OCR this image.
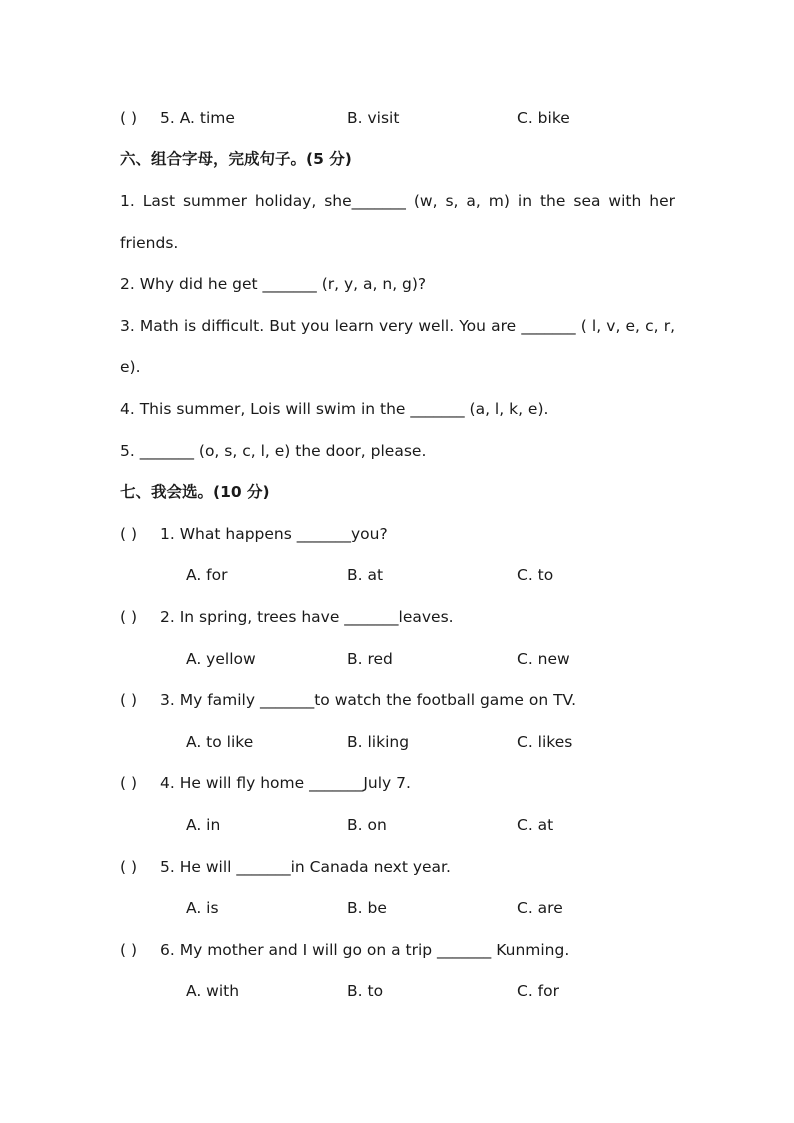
( ) 5. A. time	B. visit	C. bike
六、组合字母，完成句子。(5 分)
1. Last summer holiday, she_______ (w, s, a, m) in the sea with her
friends.
2. Why did he get _______ (r, y, a, n, g)?
3. Math is difficult. But you learn very well. You are _______ ( l, v, e, c, r,
e).
4. This summer, Lois will swim in the _______ (a, l, k, e).
5. _______ (o, s, c, l, e) the door, please.
七、我会选。(10 分)
( ) 1. What happens _______you?
A. for	B. at	C. to
( ) 2. In spring, trees have _______leaves.
A. yellow	B. red	C. new
( ) 3. My family _______to watch the football game on TV.
A. to like	B. liking	C. likes
( ) 4. He will fly home _______July 7.
A. in	B. on	C. at
( ) 5. He will _______in Canada next year.
A. is	B. be	C. are
( ) 6. My mother and I will go on a trip _______ Kunming.
A. with	B. to	C. for
